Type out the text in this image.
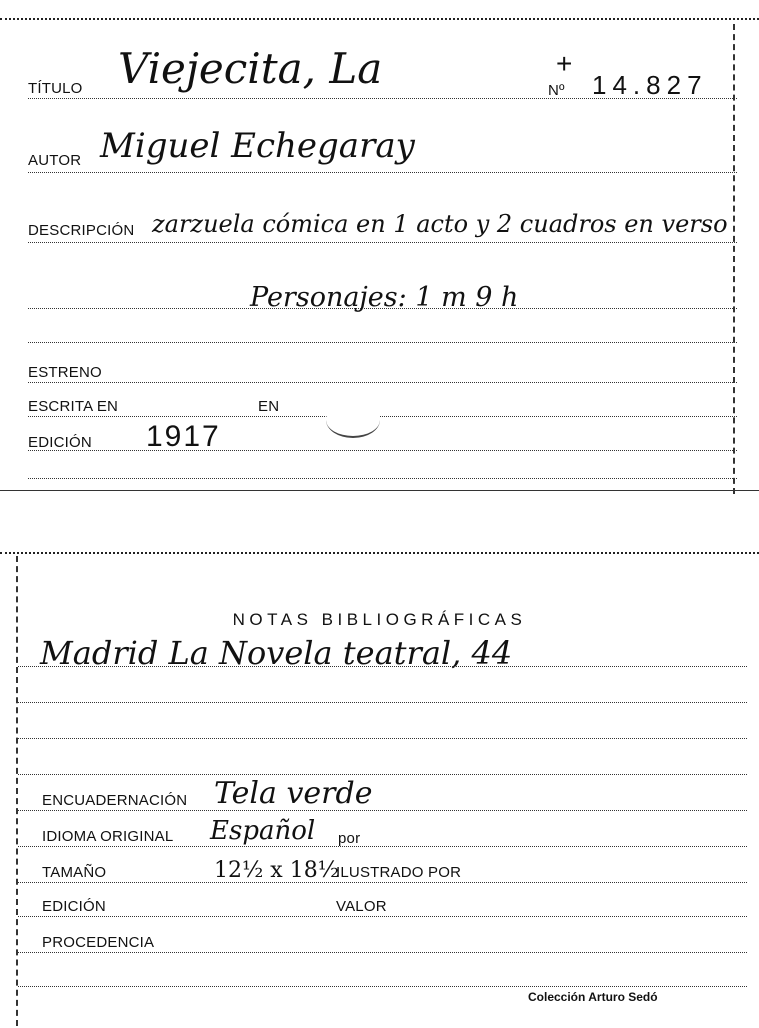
TÍTULO Viejecita, La	Nº
+
14.827
AUTOR Miguel Echegaray
DESCRIPCIÓN zarzuela cómica en 1 acto y 2 cuadros en verso
Personajes: 1 m 9 h
ESTRENO
ESCRITA EN	EN
EDICIÓN 1917
NOTAS BIBLIOGRÁFICAS
Madrid La Novela teatral, 44
ENCUADERNACIÓN Tela verde
IDIOMA ORIGINAL Español por
TAMAÑO	12½ x 18½
ILUSTRADO POR
EDICIÓN	VALOR
PROCEDENCIA
Colección Arturo Sedó
